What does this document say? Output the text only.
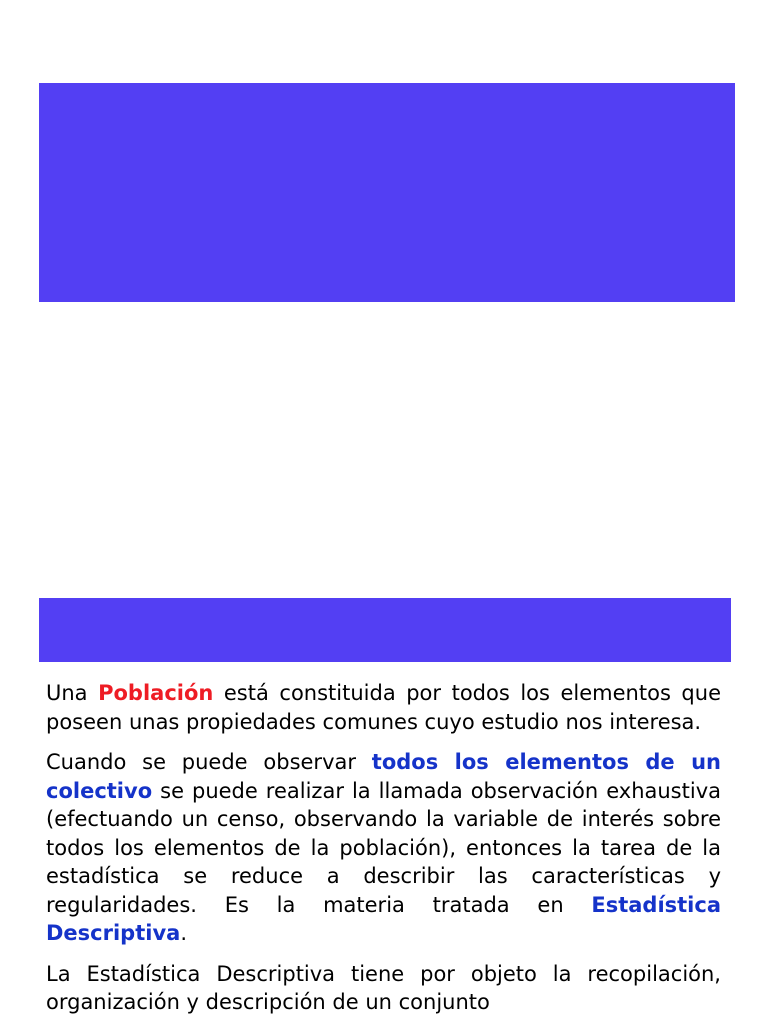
Una Población está constituida por todos los elementos que poseen unas propiedades comunes cuyo estudio nos interesa.

Cuando se puede observar todos los elementos de un colectivo se puede realizar la llamada observación exhaustiva (efectuando un censo, observando la variable de interés sobre todos los elementos de la población), entonces la tarea de la estadística se reduce a describir las características y regularidades. Es la materia tratada en Estadística Descriptiva.

La Estadística Descriptiva tiene por objeto la recopilación, organización y descripción de un conjunto
